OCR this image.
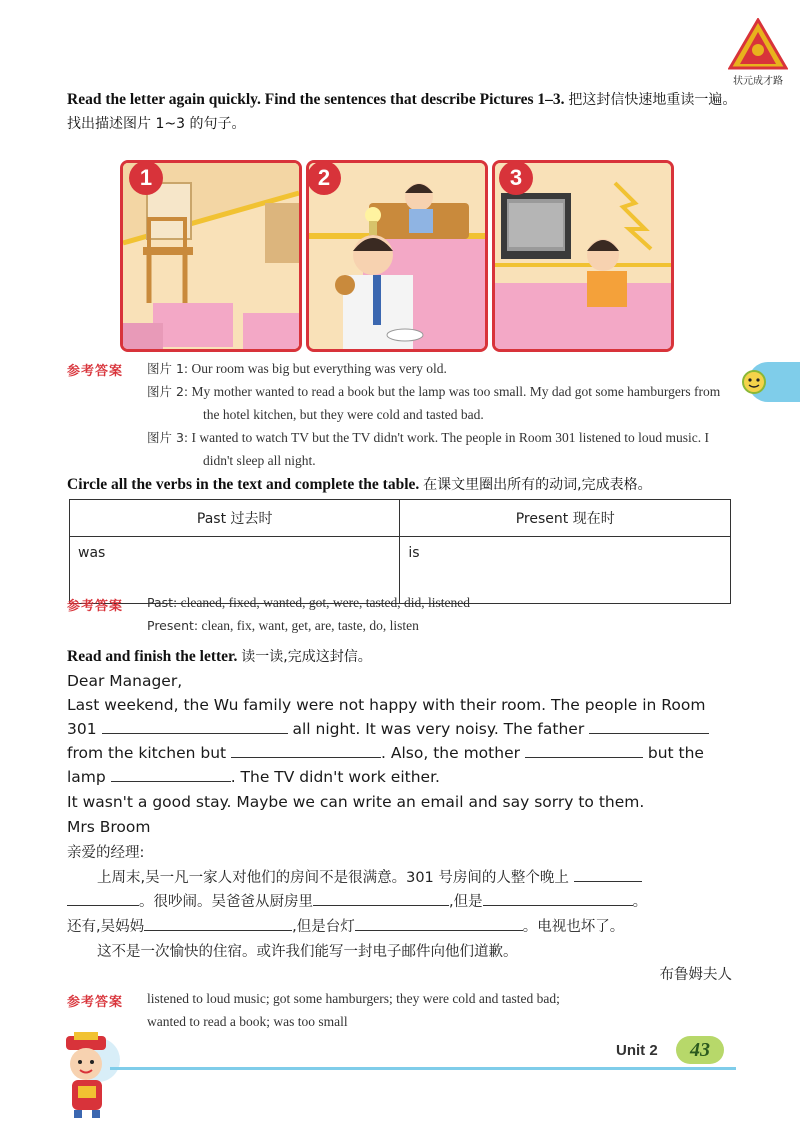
状元成才路
Read the letter again quickly. Find the sentences that describe Pictures 1–3. 把这封信快速地重读一遍。找出描述图片 1~3 的句子。
1	2	3
参考答案 图片 1: Our room was big but everything was very old.
图片 2: My mother wanted to read a book but the lamp was too small. My dad got some hamburgers from the hotel kitchen, but they were cold and tasted bad.
图片 3: I wanted to watch TV but the TV didn't work. The people in Room 301 listened to loud music. I didn't sleep all night.
Circle all the verbs in the text and complete the table. 在课文里圈出所有的动词,完成表格。
Past 过去时	Present 现在时
was	is
参考答案 Past: cleaned, fixed, wanted, got, were, tasted, did, listened
Present: clean, fix, want, get, are, taste, do, listen
Read and finish the letter. 读一读,完成这封信。
Dear Manager,
Last weekend, the Wu family were not happy with their room. The people in Room
301	all night. It was very noisy. The father
from the kitchen but	. Also, the mother	but the
lamp	. The TV didn't work either.
It wasn't a good stay. Maybe we can write an email and say sorry to them.
Mrs Broom
亲爱的经理:
上周末,吴一凡一家人对他们的房间不是很满意。301 号房间的人整个晚上
。很吵闹。吴爸爸从厨房里	,但是	。
还有,吴妈妈	,但是台灯	。电视也坏了。
这不是一次愉快的住宿。或许我们能写一封电子邮件向他们道歉。
布鲁姆夫人
参考答案 listened to loud music; got some hamburgers; they were cold and tasted bad;
wanted to read a book; was too small
Unit 2	43
